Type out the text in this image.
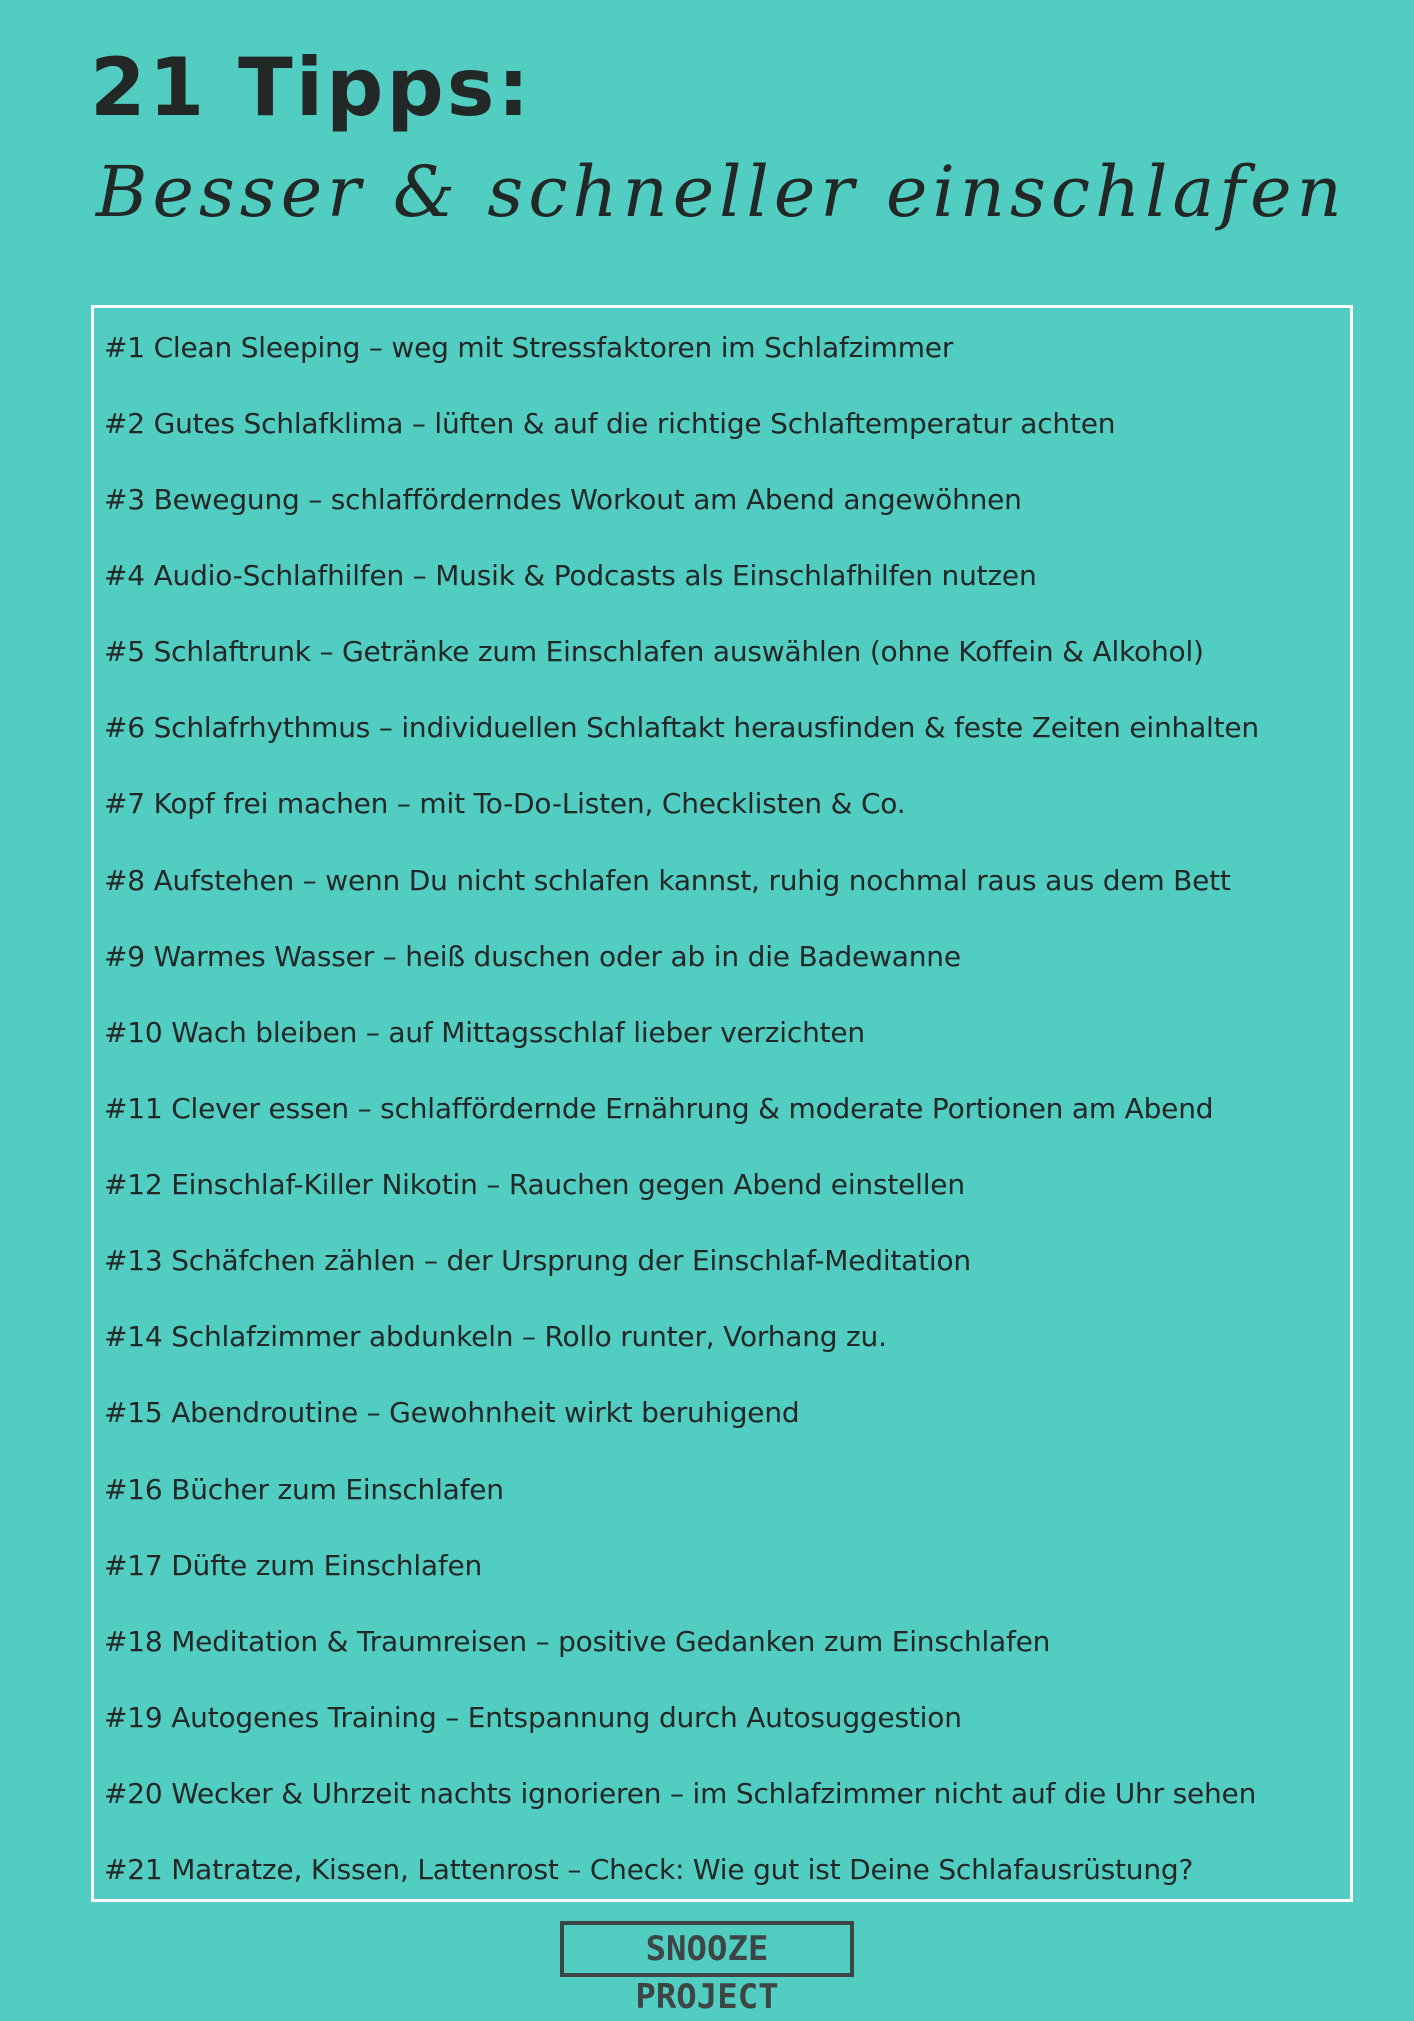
21 Tipps:
Besser & schneller einschlafen
#1 Clean Sleeping – weg mit Stressfaktoren im Schlafzimmer
#2 Gutes Schlafklima – lüften & auf die richtige Schlaftemperatur achten
#3 Bewegung – schlafförderndes Workout am Abend angewöhnen
#4 Audio-Schlafhilfen – Musik & Podcasts als Einschlafhilfen nutzen
#5 Schlaftrunk – Getränke zum Einschlafen auswählen (ohne Koffein & Alkohol)
#6 Schlafrhythmus – individuellen Schlaftakt herausfinden & feste Zeiten einhalten
#7 Kopf frei machen – mit To-Do-Listen, Checklisten & Co.
#8 Aufstehen – wenn Du nicht schlafen kannst, ruhig nochmal raus aus dem Bett
#9 Warmes Wasser – heiß duschen oder ab in die Badewanne
#10 Wach bleiben – auf Mittagsschlaf lieber verzichten
#11 Clever essen – schlaffördernde Ernährung & moderate Portionen am Abend
#12 Einschlaf-Killer Nikotin – Rauchen gegen Abend einstellen
#13 Schäfchen zählen – der Ursprung der Einschlaf-Meditation
#14 Schlafzimmer abdunkeln – Rollo runter, Vorhang zu.
#15 Abendroutine – Gewohnheit wirkt beruhigend
#16 Bücher zum Einschlafen
#17 Düfte zum Einschlafen
#18 Meditation & Traumreisen – positive Gedanken zum Einschlafen
#19 Autogenes Training – Entspannung durch Autosuggestion
#20 Wecker & Uhrzeit nachts ignorieren – im Schlafzimmer nicht auf die Uhr sehen
#21 Matratze, Kissen, Lattenrost – Check: Wie gut ist Deine Schlafausrüstung?
SNOOZE PROJECT
